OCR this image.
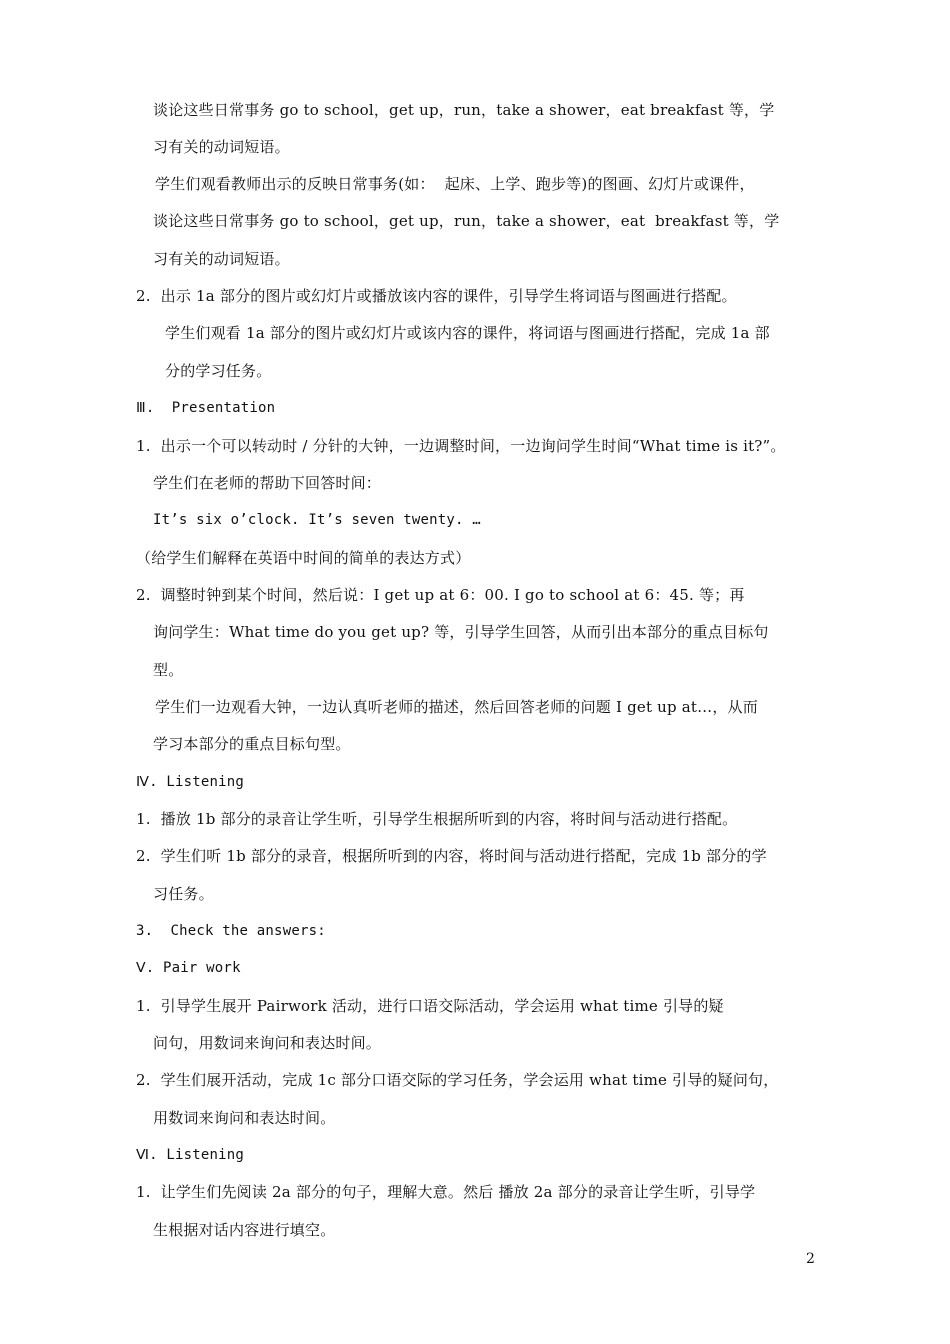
谈论这些日常事务 go to school，get up，run，take a shower，eat breakfast 等，学
习有关的动词短语。
学生们观看教师出示的反映日常事务(如：  起床、上学、跑步等)的图画、幻灯片或课件，
谈论这些日常事务 go to school，get up，run，take a shower，eat  breakfast 等，学
习有关的动词短语。
2.  出示 1a 部分的图片或幻灯片或播放该内容的课件，引导学生将词语与图画进行搭配。
学生们观看 1a 部分的图片或幻灯片或该内容的课件，将词语与图画进行搭配，完成 1a 部
分的学习任务。
Ⅲ.  Presentation
1.  出示一个可以转动时 / 分针的大钟，一边调整时间，一边询问学生时间“What time is it?”。
学生们在老师的帮助下回答时间：
It’s six o’clock. It’s seven twenty. …
（给学生们解释在英语中时间的简单的表达方式）
2.  调整时钟到某个时间，然后说：I get up at 6：00. I go to school at 6：45. 等；再
询问学生：What time do you get up? 等，引导学生回答，从而引出本部分的重点目标句
型。
学生们一边观看大钟，一边认真听老师的描述，然后回答老师的问题 I get up at…，从而
学习本部分的重点目标句型。
Ⅳ. Listening
1.  播放 1b 部分的录音让学生听，引导学生根据所听到的内容，将时间与活动进行搭配。
2.  学生们听 1b 部分的录音，根据所听到的内容，将时间与活动进行搭配，完成 1b 部分的学
习任务。
3.  Check the answers:
Ⅴ. Pair work
1.  引导学生展开 Pairwork 活动，进行口语交际活动，学会运用 what time 引导的疑
问句，用数词来询问和表达时间。
2.  学生们展开活动，完成 1c 部分口语交际的学习任务，学会运用 what time 引导的疑问句，
用数词来询问和表达时间。
Ⅵ. Listening
1.  让学生们先阅读 2a 部分的句子，理解大意。然后 播放 2a 部分的录音让学生听，引导学
生根据对话内容进行填空。
2
